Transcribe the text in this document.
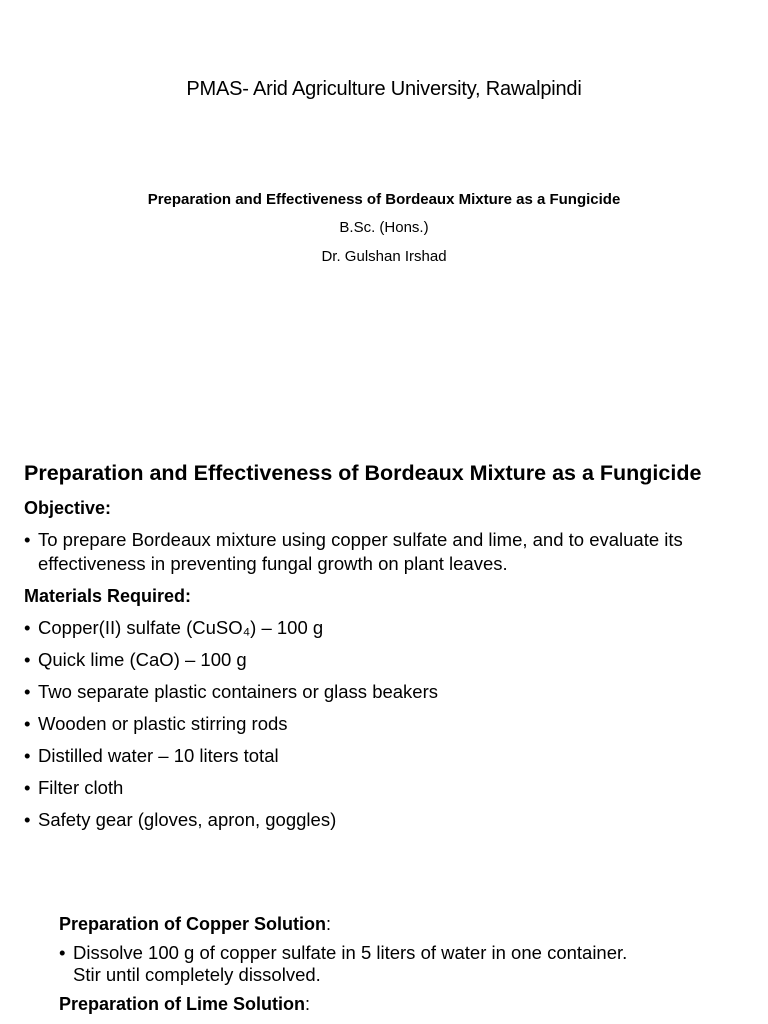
PMAS- Arid Agriculture University, Rawalpindi
Preparation and Effectiveness of Bordeaux Mixture as a Fungicide
B.Sc. (Hons.)
Dr. Gulshan Irshad
Preparation and Effectiveness of Bordeaux Mixture as a Fungicide
Objective:
• To prepare Bordeaux mixture using copper sulfate and lime, and to evaluate its effectiveness in preventing fungal growth on plant leaves.
Materials Required:
• Copper(II) sulfate (CuSO₄) – 100 g
• Quick lime (CaO) – 100 g
• Two separate plastic containers or glass beakers
• Wooden or plastic stirring rods
• Distilled water – 10 liters total
• Filter cloth
• Safety gear (gloves, apron, goggles)
Preparation of Copper Solution:
• Dissolve 100 g of copper sulfate in 5 liters of water in one container.
Stir until completely dissolved.
Preparation of Lime Solution:
